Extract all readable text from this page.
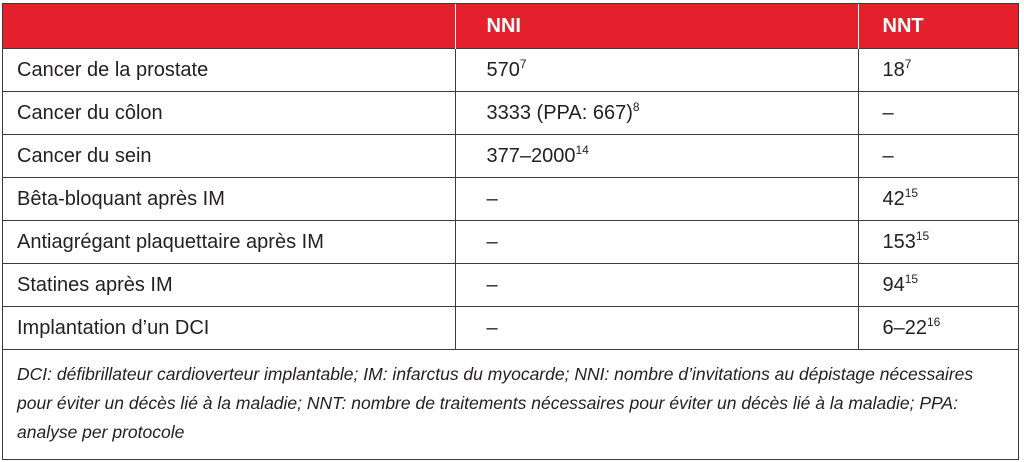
	NNI	NNT
Cancer de la prostate	$570^7$	$18^7$
Cancer du côlon	3333 (PPA: 667)$^8$	–
Cancer du sein	377–2000$^{14}$	–
Bêta-bloquant après IM	–	$42^{15}$
Antiagrégant plaquettaire après IM	–	$153^{15}$
Statines après IM	–	$94^{15}$
Implantation d’un DCI	–	$6-22^{16}$
DCI: défibrillateur cardioverteur implantable; IM: infarctus du myocarde; NNI: nombre d’invitations au dépistage nécessaires pour éviter un décès lié à la maladie; NNT: nombre de traitements nécessaires pour éviter un décès lié à la maladie; PPA: analyse per protocole		
